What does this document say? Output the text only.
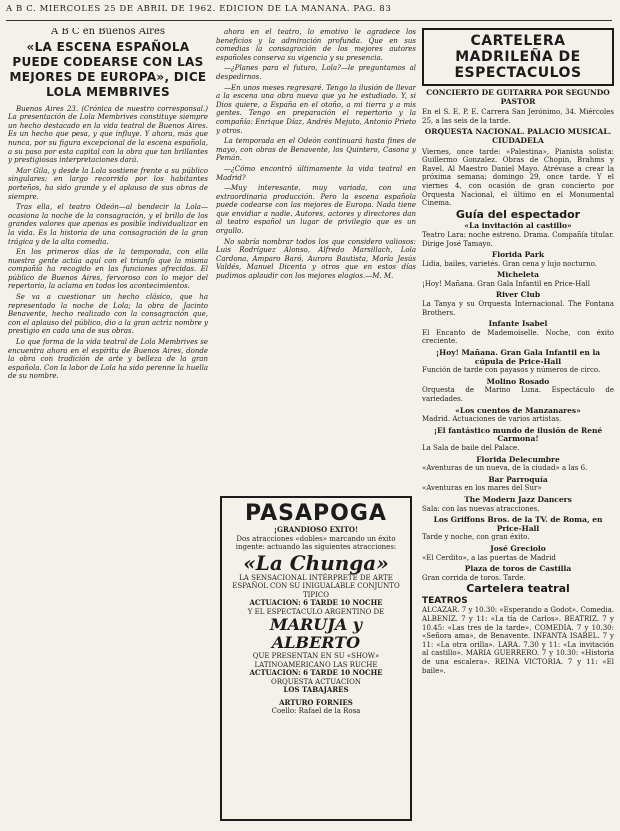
A B C. MIERCOLES 25 DE ABRIL DE 1962. EDICION DE LA MAÑANA. PAG. 83
A B C en Buenos Aires
«LA ESCENA ESPAÑOLA PUEDE CODEARSE CON LAS MEJORES DE EUROPA», DICE LOLA MEMBRIVES

Buenos Aires 23. (Crónica de nuestro corresponsal.) La presentación de Lola Membrives constituye siempre un hecho destacado en la vida teatral de Buenos Aires. Es un hecho que pesa, y que influye. Y ahora, más que nunca, por su figura excepcional de la escena española, a su paso por esta capital con la obra que tan brillantes y prestigiosas interpretaciones dará.

Mar Gila, y desde la Lola sostiene frente a su público singulares; en largo recorrido por los habitantes porteños, ha sido grande y el aplauso de sus obras de siempre.

Tras ella, el teatro Odeón—al bendecir la Lola—ocasiona la noche de la consagración, y el brillo de los grandes valores que apenas es posible individualizar en la vida. Es la historia de una consagración de la gran trágica y de la alta comedia.

En los primeros días de la temporada, con ella nuestra gente actúa aquí con el triunfo que la misma compañía ha recogido en las funciones ofrecidas. El público de Buenos Aires, fervoroso con lo mejor del repertorio, la aclama en todos los acontecimientos.

Se va a cuestionar un hecho clásico, que ha representado la noche de Lola; la obra de Jacinto Benavente, hecho realizado con la consagración que, con el aplauso del público, dio a la gran actriz nombre y prestigio en cada una de sus obras.

Lo que forma de la vida teatral de Lola Membrives se encuentra ahora en el espíritu de Buenos Aires, donde la obra con tradición de arte y belleza de la gran española. Con la labor de Lola ha sido perenne la huella de su nombre.

ahora en el teatro, lo emotivo le agradece los beneficios y la admiración profunda. Que en sus comedias la consagración de los mejores autores españoles conserva su vigencia y su presencia.

—¿Planes para el futuro, Lola?—le preguntamos al despedirnos.

—En unos meses regresaré. Tengo la ilusión de llevar a la escena una obra nueva que ya he estudiado. Y, si Dios quiere, a España en el otoño, a mi tierra y a mis gentes. Tengo en preparación el repertorio y la compañía: Enrique Díaz, Andrés Mejuto, Antonio Prieto y otros.

La temporada en el Odeón continuará hasta fines de mayo, con obras de Benavente, los Quintero, Casona y Pemán.

—¿Cómo encontró últimamente la vida teatral en Madrid?

—Muy interesante, muy variada, con una extraordinaria producción. Pero la escena española puede codearse con las mejores de Europa. Nada tiene que envidiar a nadie. Autores, actores y directores dan al teatro español un lugar de privilegio que es un orgullo.

No sabría nombrar todos los que considero valiosos: Luis Rodríguez Alonso, Alfredo Marsillach, Lola Cardona, Amparo Baró, Aurora Bautista, María Jesús Valdés, Manuel Dicenta y otros que en estos días pudimos aplaudir con los mejores elogios.—M. M.

PASAPOGA
¡GRANDIOSO EXITO!
Dos atracciones «dobles» marcando un éxito ingente: actuando las siguientes atracciones:
«La Chunga»
LA SENSACIONAL INTÉRPRETE DE ARTE ESPAÑOL CON SU INIGUALABLE CONJUNTO TIPICO
ACTUACION: 6 TARDE 10 NOCHE
Y EL ESPECTACULO ARGENTINO DE
MARUJA y ALBERTO
QUE PRESENTAN EN SU «SHOW» LATINOAMERICANO LAS RUCHE
ACTUACION: 6 TARDE 10 NOCHE
ORQUESTA ACTUACION
LOS TABAJARES
ARTURO FORNIES
Coello: Rafael de la Rosa
CARTELERA MADRILEÑA DE ESPECTACULOS
CONCIERTO DE GUITARRA POR SEGUNDO PASTOR
En el S. E. P. E. Carrera San Jerónimo, 34. Miércoles 25, a las seis de la tarde.
ORQUESTA NACIONAL. PALACIO MUSICAL. CIUDADELA
Viernes, once tarde: «Palestina», Pianista solista: Guillermo Gonzalez. Obras de Chopin, Brahms y Ravel. Al Maestro Daniel Mayo. Atrévase a crear la próxima semana; domingo 29, once tarde. Y el viernes 4, con ocasión de gran concierto por Orquesta Nacional, el último en el Monumental Cinema.
Guía del espectador
«La invitación al castillo»
Teatro Lara: noche estreno. Drama. Compañía titular. Dirige José Tamayo.
Florida Park
Lidia, bailes, varietés. Gran cena y lujo nocturno.
Micheleta
¡Hoy! Mañana. Gran Gala Infantil en Price-Hall
River Club
La Tanya y su Orquesta Internacional. The Fontana Brothers.
Infante Isabel
El Encanto de Mademoiselle. Noche, con éxito creciente.
¡Hoy! Mañana. Gran Gala Infantil en la cúpula de Price-Hall
Función de tarde con payasos y números de circo.
Molino Rosado
Orquesta de Marino Luna. Espectáculo de variedades.
«Los cuentos de Manzanares»
Madrid. Actuaciones de varios artistas.
¡El fantástico mundo de ilusión de René Carmona!
La Sala de baile del Palace.
Florida Delecumbre
«Aventuras de un nueva, de la ciudad» a las 6.
Bar Parroquía
«Aventuras en los mares del Sur»
The Modern Jazz Dancers
Sala: con las nuevas atracciones.
Los Griffons Bros. de la TV. de Roma, en Price-Hall
Tarde y noche, con gran éxito.
José Greciolo
«El Cerdito», a las puertas de Madrid
Plaza de toros de Castilla
Gran corrida de toros. Tarde.
Cartelera teatral
TEATROS
ALCAZAR. 7 y 10.30: «Esperando a Godot». Comedia. ALBENIZ. 7 y 11: «La tía de Carlos». BEATRIZ. 7 y 10.45: «Las tres de la tarde». COMEDIA. 7 y 10.30: «Señora ama», de Benavente. INFANTA ISABEL. 7 y 11: «La otra orilla». LARA. 7.30 y 11: «La invitación al castillo». MARIA GUERRERO. 7 y 10.30: «Historia de una escalera». REINA VICTORIA. 7 y 11: «El baile».
